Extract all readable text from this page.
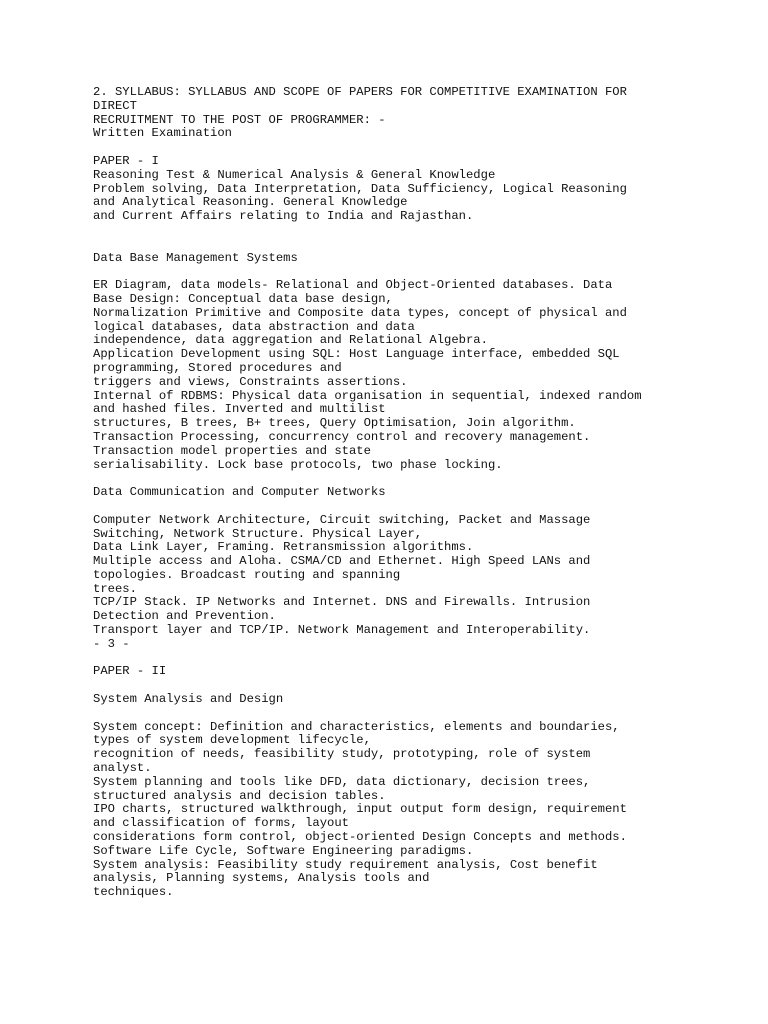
2. SYLLABUS: SYLLABUS AND SCOPE OF PAPERS FOR COMPETITIVE EXAMINATION FOR
DIRECT
RECRUITMENT TO THE POST OF PROGRAMMER: -
Written Examination
PAPER - I
Reasoning Test & Numerical Analysis & General Knowledge
Problem solving, Data Interpretation, Data Sufficiency, Logical Reasoning
and Analytical Reasoning. General Knowledge
and Current Affairs relating to India and Rajasthan.
Data Base Management Systems
ER Diagram, data models- Relational and Object-Oriented databases. Data
Base Design: Conceptual data base design,
Normalization Primitive and Composite data types, concept of physical and
logical databases, data abstraction and data
independence, data aggregation and Relational Algebra.
Application Development using SQL: Host Language interface, embedded SQL
programming, Stored procedures and
triggers and views, Constraints assertions.
Internal of RDBMS: Physical data organisation in sequential, indexed random
and hashed files. Inverted and multilist
structures, B trees, B+ trees, Query Optimisation, Join algorithm.
Transaction Processing, concurrency control and recovery management.
Transaction model properties and state
serialisability. Lock base protocols, two phase locking.
Data Communication and Computer Networks
Computer Network Architecture, Circuit switching, Packet and Massage
Switching, Network Structure. Physical Layer,
Data Link Layer, Framing. Retransmission algorithms.
Multiple access and Aloha. CSMA/CD and Ethernet. High Speed LANs and
topologies. Broadcast routing and spanning
trees.
TCP/IP Stack. IP Networks and Internet. DNS and Firewalls. Intrusion
Detection and Prevention.
Transport layer and TCP/IP. Network Management and Interoperability.
- 3 -
PAPER - II
System Analysis and Design
System concept: Definition and characteristics, elements and boundaries,
types of system development lifecycle,
recognition of needs, feasibility study, prototyping, role of system
analyst.
System planning and tools like DFD, data dictionary, decision trees,
structured analysis and decision tables.
IPO charts, structured walkthrough, input output form design, requirement
and classification of forms, layout
considerations form control, object-oriented Design Concepts and methods.
Software Life Cycle, Software Engineering paradigms.
System analysis: Feasibility study requirement analysis, Cost benefit
analysis, Planning systems, Analysis tools and
techniques.
